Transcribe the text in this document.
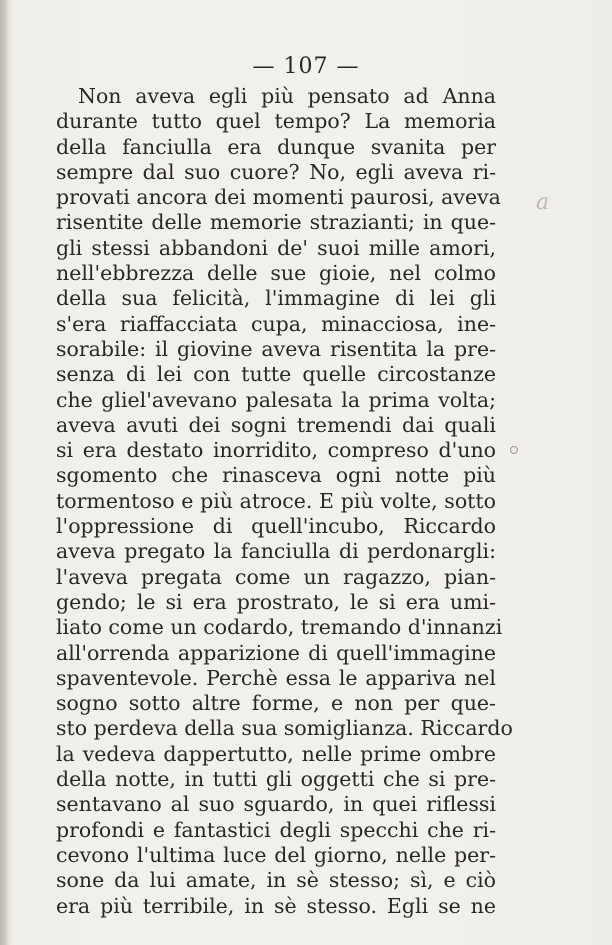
— 107 —
Non aveva egli più pensato ad Anna
durante tutto quel tempo? La memoria
della fanciulla era dunque svanita per
sempre dal suo cuore? No, egli aveva ri-
provati ancora dei momenti paurosi, aveva
risentite delle memorie strazianti; in que-
gli stessi abbandoni de' suoi mille amori,
nell'ebbrezza delle sue gioie, nel colmo
della sua felicità, l'immagine di lei gli
s'era riaffacciata cupa, minacciosa, ine-
sorabile: il giovine aveva risentita la pre-
senza di lei con tutte quelle circostanze
che gliel'avevano palesata la prima volta;
aveva avuti dei sogni tremendi dai quali
si era destato inorridito, compreso d'uno
sgomento che rinasceva ogni notte più
tormentoso e più atroce. E più volte, sotto
l'oppressione di quell'incubo, Riccardo
aveva pregato la fanciulla di perdonargli:
l'aveva pregata come un ragazzo, pian-
gendo; le si era prostrato, le si era umi-
liato come un codardo, tremando d'innanzi
all'orrenda apparizione di quell'immagine
spaventevole. Perchè essa le appariva nel
sogno sotto altre forme, e non per que-
sto perdeva della sua somiglianza. Riccardo
la vedeva dappertutto, nelle prime ombre
della notte, in tutti gli oggetti che si pre-
sentavano al suo sguardo, in quei riflessi
profondi e fantastici degli specchi che ri-
cevono l'ultima luce del giorno, nelle per-
sone da lui amate, in sè stesso; sì, e ciò
era più terribile, in sè stesso. Egli se ne
a
